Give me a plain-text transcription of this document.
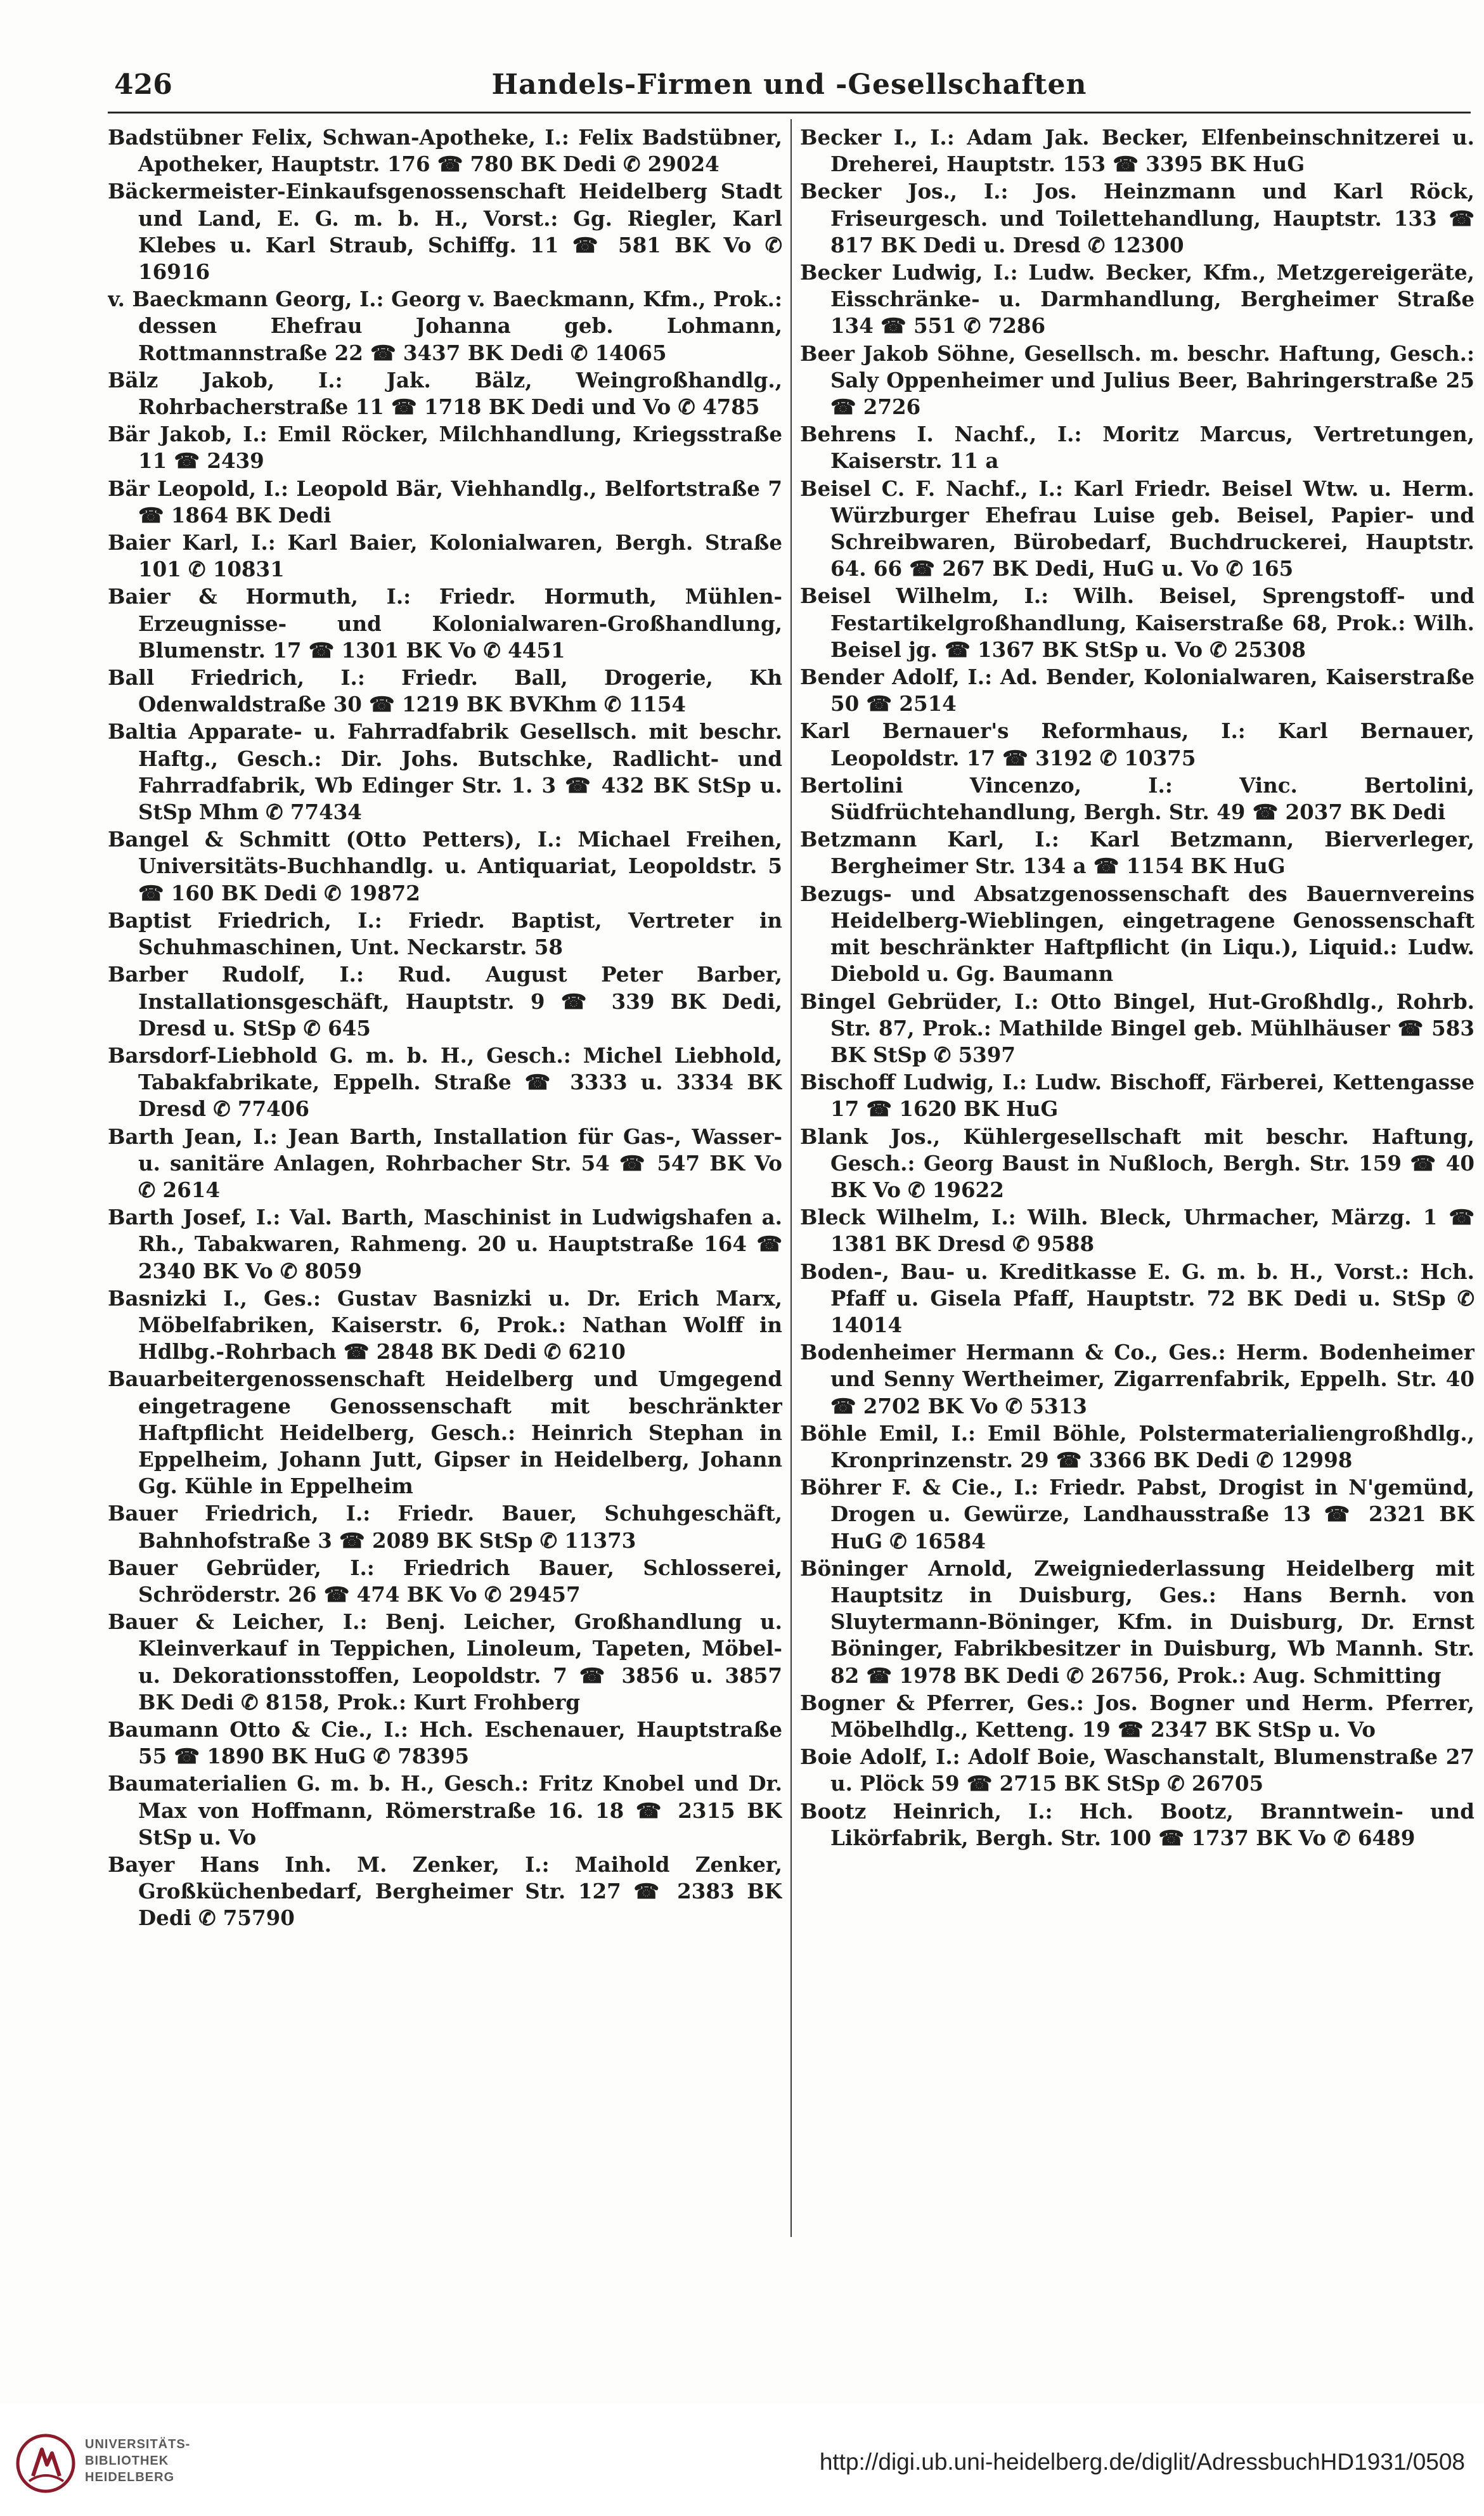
426	Handels-Firmen und -Gesellschaften

Badstübner Felix, Schwan-Apotheke, I.: Felix Badstübner, Apotheker, Hauptstr. 176 ☎ 780 BK Dedi ✆ 29024

Bäckermeister-Einkaufsgenossenschaft Heidelberg Stadt und Land, E. G. m. b. H., Vorst.: Gg. Riegler, Karl Klebes u. Karl Straub, Schiffg. 11 ☎ 581 BK Vo ✆ 16916

v. Baeckmann Georg, I.: Georg v. Baeckmann, Kfm., Prok.: dessen Ehefrau Johanna geb. Lohmann, Rottmannstraße 22 ☎ 3437 BK Dedi ✆ 14065

Bälz Jakob, I.: Jak. Bälz, Weingroßhandlg., Rohrbacherstraße 11 ☎ 1718 BK Dedi und Vo ✆ 4785

Bär Jakob, I.: Emil Röcker, Milchhandlung, Kriegsstraße 11 ☎ 2439

Bär Leopold, I.: Leopold Bär, Viehhandlg., Belfortstraße 7 ☎ 1864 BK Dedi

Baier Karl, I.: Karl Baier, Kolonialwaren, Bergh. Straße 101 ✆ 10831

Baier & Hormuth, I.: Friedr. Hormuth, Mühlen-Erzeugnisse- und Kolonialwaren-Großhandlung, Blumenstr. 17 ☎ 1301 BK Vo ✆ 4451

Ball Friedrich, I.: Friedr. Ball, Drogerie, Kh Odenwaldstraße 30 ☎ 1219 BK BVKhm ✆ 1154

Baltia Apparate- u. Fahrradfabrik Gesellsch. mit beschr. Haftg., Gesch.: Dir. Johs. Butschke, Radlicht- und Fahrradfabrik, Wb Edinger Str. 1. 3 ☎ 432 BK StSp u. StSp Mhm ✆ 77434

Bangel & Schmitt (Otto Petters), I.: Michael Freihen, Universitäts-Buchhandlg. u. Antiquariat, Leopoldstr. 5 ☎ 160 BK Dedi ✆ 19872

Baptist Friedrich, I.: Friedr. Baptist, Vertreter in Schuhmaschinen, Unt. Neckarstr. 58

Barber Rudolf, I.: Rud. August Peter Barber, Installationsgeschäft, Hauptstr. 9 ☎ 339 BK Dedi, Dresd u. StSp ✆ 645

Barsdorf-Liebhold G. m. b. H., Gesch.: Michel Liebhold, Tabakfabrikate, Eppelh. Straße ☎ 3333 u. 3334 BK Dresd ✆ 77406

Barth Jean, I.: Jean Barth, Installation für Gas-, Wasser- u. sanitäre Anlagen, Rohrbacher Str. 54 ☎ 547 BK Vo ✆ 2614

Barth Josef, I.: Val. Barth, Maschinist in Ludwigshafen a. Rh., Tabakwaren, Rahmeng. 20 u. Hauptstraße 164 ☎ 2340 BK Vo ✆ 8059

Basnizki I., Ges.: Gustav Basnizki u. Dr. Erich Marx, Möbelfabriken, Kaiserstr. 6, Prok.: Nathan Wolff in Hdlbg.-Rohrbach ☎ 2848 BK Dedi ✆ 6210

Bauarbeitergenossenschaft Heidelberg und Umgegend eingetragene Genossenschaft mit beschränkter Haftpflicht Heidelberg, Gesch.: Heinrich Stephan in Eppelheim, Johann Jutt, Gipser in Heidelberg, Johann Gg. Kühle in Eppelheim

Bauer Friedrich, I.: Friedr. Bauer, Schuhgeschäft, Bahnhofstraße 3 ☎ 2089 BK StSp ✆ 11373

Bauer Gebrüder, I.: Friedrich Bauer, Schlosserei, Schröderstr. 26 ☎ 474 BK Vo ✆ 29457

Bauer & Leicher, I.: Benj. Leicher, Großhandlung u. Kleinverkauf in Teppichen, Linoleum, Tapeten, Möbel- u. Dekorationsstoffen, Leopoldstr. 7 ☎ 3856 u. 3857 BK Dedi ✆ 8158, Prok.: Kurt Frohberg

Baumann Otto & Cie., I.: Hch. Eschenauer, Hauptstraße 55 ☎ 1890 BK HuG ✆ 78395

Baumaterialien G. m. b. H., Gesch.: Fritz Knobel und Dr. Max von Hoffmann, Römerstraße 16. 18 ☎ 2315 BK StSp u. Vo

Bayer Hans Inh. M. Zenker, I.: Maihold Zenker, Großküchenbedarf, Bergheimer Str. 127 ☎ 2383 BK Dedi ✆ 75790

Becker I., I.: Adam Jak. Becker, Elfenbeinschnitzerei u. Dreherei, Hauptstr. 153 ☎ 3395 BK HuG

Becker Jos., I.: Jos. Heinzmann und Karl Röck, Friseurgesch. und Toilettehandlung, Hauptstr. 133 ☎ 817 BK Dedi u. Dresd ✆ 12300

Becker Ludwig, I.: Ludw. Becker, Kfm., Metzgereigeräte, Eisschränke- u. Darmhandlung, Bergheimer Straße 134 ☎ 551 ✆ 7286

Beer Jakob Söhne, Gesellsch. m. beschr. Haftung, Gesch.: Saly Oppenheimer und Julius Beer, Bahringerstraße 25 ☎ 2726

Behrens I. Nachf., I.: Moritz Marcus, Vertretungen, Kaiserstr. 11 a

Beisel C. F. Nachf., I.: Karl Friedr. Beisel Wtw. u. Herm. Würzburger Ehefrau Luise geb. Beisel, Papier- und Schreibwaren, Bürobedarf, Buchdruckerei, Hauptstr. 64. 66 ☎ 267 BK Dedi, HuG u. Vo ✆ 165

Beisel Wilhelm, I.: Wilh. Beisel, Sprengstoff- und Festartikelgroßhandlung, Kaiserstraße 68, Prok.: Wilh. Beisel jg. ☎ 1367 BK StSp u. Vo ✆ 25308

Bender Adolf, I.: Ad. Bender, Kolonialwaren, Kaiserstraße 50 ☎ 2514

Karl Bernauer's Reformhaus, I.: Karl Bernauer, Leopoldstr. 17 ☎ 3192 ✆ 10375

Bertolini Vincenzo, I.: Vinc. Bertolini, Südfrüchtehandlung, Bergh. Str. 49 ☎ 2037 BK Dedi

Betzmann Karl, I.: Karl Betzmann, Bierverleger, Bergheimer Str. 134 a ☎ 1154 BK HuG

Bezugs- und Absatzgenossenschaft des Bauernvereins Heidelberg-Wieblingen, eingetragene Genossenschaft mit beschränkter Haftpflicht (in Liqu.), Liquid.: Ludw. Diebold u. Gg. Baumann

Bingel Gebrüder, I.: Otto Bingel, Hut-Großhdlg., Rohrb. Str. 87, Prok.: Mathilde Bingel geb. Mühlhäuser ☎ 583 BK StSp ✆ 5397

Bischoff Ludwig, I.: Ludw. Bischoff, Färberei, Kettengasse 17 ☎ 1620 BK HuG

Blank Jos., Kühlergesellschaft mit beschr. Haftung, Gesch.: Georg Baust in Nußloch, Bergh. Str. 159 ☎ 40 BK Vo ✆ 19622

Bleck Wilhelm, I.: Wilh. Bleck, Uhrmacher, Märzg. 1 ☎ 1381 BK Dresd ✆ 9588

Boden-, Bau- u. Kreditkasse E. G. m. b. H., Vorst.: Hch. Pfaff u. Gisela Pfaff, Hauptstr. 72 BK Dedi u. StSp ✆ 14014

Bodenheimer Hermann & Co., Ges.: Herm. Bodenheimer und Senny Wertheimer, Zigarrenfabrik, Eppelh. Str. 40 ☎ 2702 BK Vo ✆ 5313

Böhle Emil, I.: Emil Böhle, Polstermaterialiengroßhdlg., Kronprinzenstr. 29 ☎ 3366 BK Dedi ✆ 12998

Böhrer F. & Cie., I.: Friedr. Pabst, Drogist in N'gemünd, Drogen u. Gewürze, Landhausstraße 13 ☎ 2321 BK HuG ✆ 16584

Böninger Arnold, Zweigniederlassung Heidelberg mit Hauptsitz in Duisburg, Ges.: Hans Bernh. von Sluytermann-Böninger, Kfm. in Duisburg, Dr. Ernst Böninger, Fabrikbesitzer in Duisburg, Wb Mannh. Str. 82 ☎ 1978 BK Dedi ✆ 26756, Prok.: Aug. Schmitting

Bogner & Pferrer, Ges.: Jos. Bogner und Herm. Pferrer, Möbelhdlg., Ketteng. 19 ☎ 2347 BK StSp u. Vo

Boie Adolf, I.: Adolf Boie, Waschanstalt, Blumenstraße 27 u. Plöck 59 ☎ 2715 BK StSp ✆ 26705

Bootz Heinrich, I.: Hch. Bootz, Branntwein- und Likörfabrik, Bergh. Str. 100 ☎ 1737 BK Vo ✆ 6489

UNIVERSITÄTS-
BIBLIOTHEK
HEIDELBERG
http://digi.ub.uni-heidelberg.de/diglit/AdressbuchHD1931/0508
